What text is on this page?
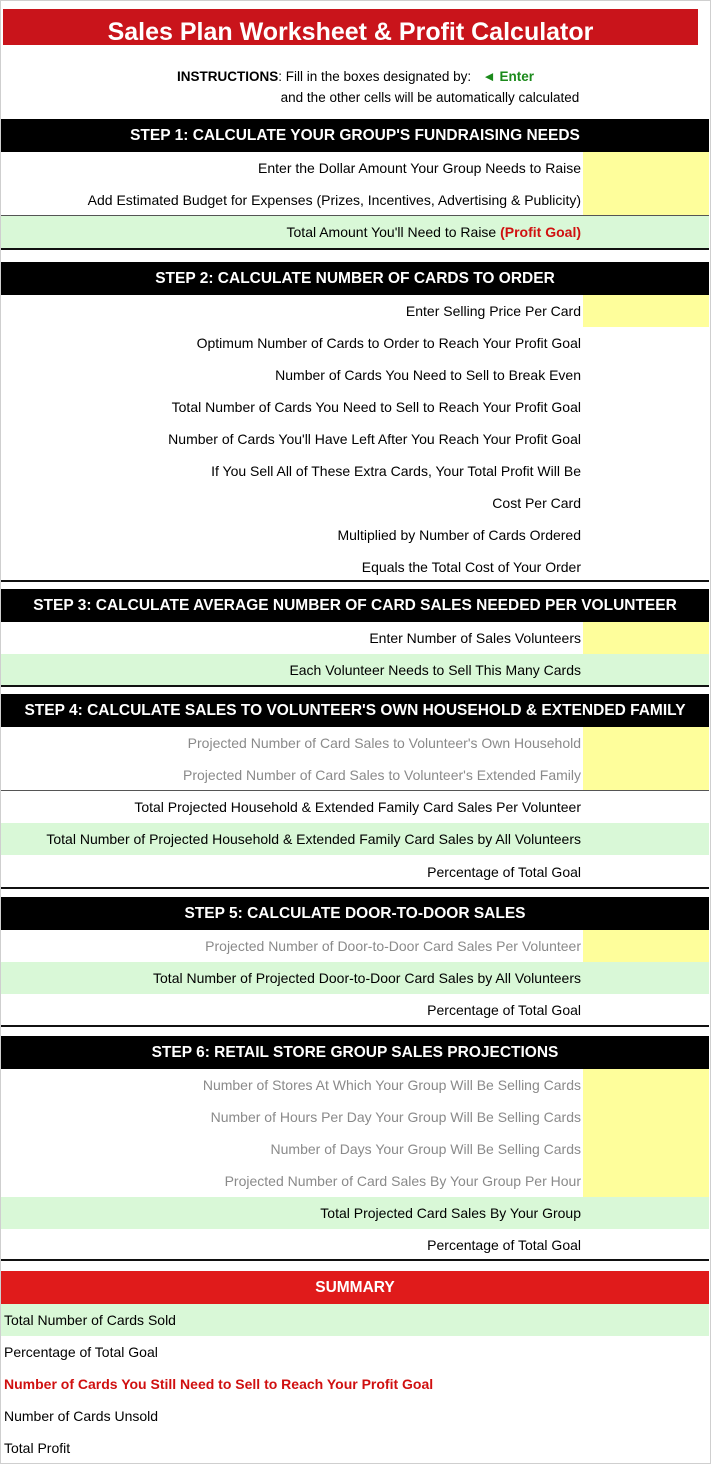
Sales Plan Worksheet & Profit Calculator
INSTRUCTIONS: Fill in the boxes designated by: ◄ Enter
and the other cells will be automatically calculated
STEP 1: CALCULATE YOUR GROUP'S FUNDRAISING NEEDS
Enter the Dollar Amount Your Group Needs to Raise
Add Estimated Budget for Expenses (Prizes, Incentives, Advertising & Publicity)
Total Amount You'll Need to Raise (Profit Goal)
STEP 2: CALCULATE NUMBER OF CARDS TO ORDER
Enter Selling Price Per Card
Optimum Number of Cards to Order to Reach Your Profit Goal
Number of Cards You Need to Sell to Break Even
Total Number of Cards You Need to Sell to Reach Your Profit Goal
Number of Cards You'll Have Left After You Reach Your Profit Goal
If You Sell All of These Extra Cards, Your Total Profit Will Be
Cost Per Card
Multiplied by Number of Cards Ordered
Equals the Total Cost of Your Order
STEP 3: CALCULATE AVERAGE NUMBER OF CARD SALES NEEDED PER VOLUNTEER
Enter Number of Sales Volunteers
Each Volunteer Needs to Sell This Many Cards
STEP 4: CALCULATE SALES TO VOLUNTEER'S OWN HOUSEHOLD & EXTENDED FAMILY
Projected Number of Card Sales to Volunteer's Own Household
Projected Number of Card Sales to Volunteer's Extended Family
Total Projected Household & Extended Family Card Sales Per Volunteer
Total Number of Projected Household & Extended Family Card Sales by All Volunteers
Percentage of Total Goal
STEP 5: CALCULATE DOOR-TO-DOOR SALES
Projected Number of Door-to-Door Card Sales Per Volunteer
Total Number of Projected Door-to-Door Card Sales by All Volunteers
Percentage of Total Goal
STEP 6: RETAIL STORE GROUP SALES PROJECTIONS
Number of Stores At Which Your Group Will Be Selling Cards
Number of Hours Per Day Your Group Will Be Selling Cards
Number of Days Your Group Will Be Selling Cards
Projected Number of Card Sales By Your Group Per Hour
Total Projected Card Sales By Your Group
Percentage of Total Goal
SUMMARY
Total Number of Cards Sold
Percentage of Total Goal
Number of Cards You Still Need to Sell to Reach Your Profit Goal
Number of Cards Unsold
Total Profit
